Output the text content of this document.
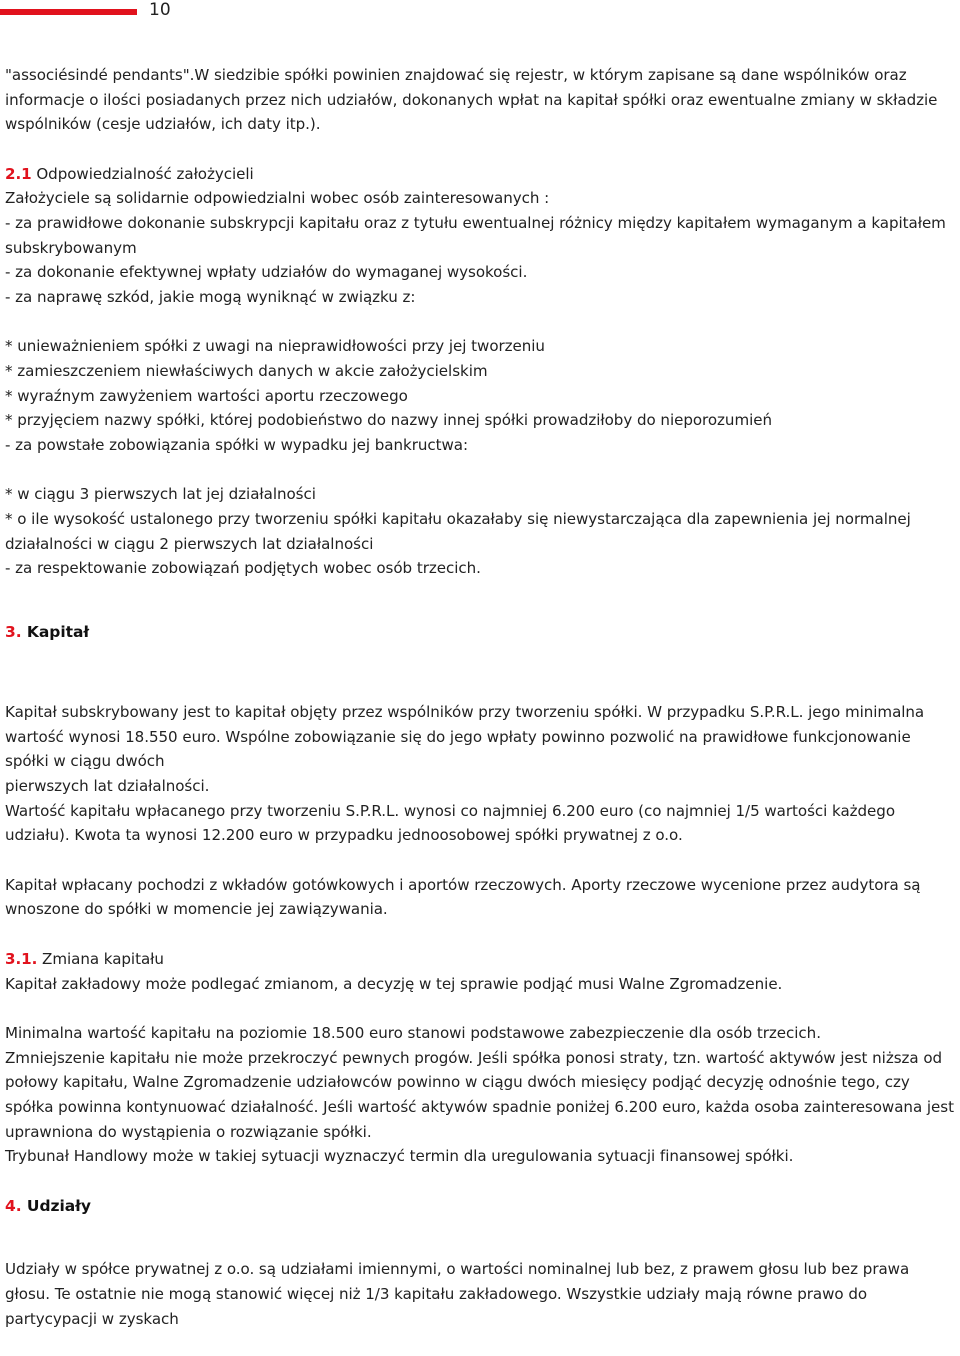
10

"associésindé pendants".W siedzibie spółki powinien znajdować się rejestr, w którym zapisane są dane wspólników oraz informacje o ilości posiadanych przez nich udziałów, dokonanych wpłat na kapitał spółki oraz ewentualne zmiany w składzie wspólników (cesje udziałów, ich daty itp.).

2.1 Odpowiedzialność założycieli

Założyciele są solidarnie odpowiedzialni wobec osób zainteresowanych :

- za prawidłowe dokonanie subskrypcji kapitału oraz z tytułu ewentualnej różnicy między kapitałem wymaganym a kapitałem subskrybowanym

- za dokonanie efektywnej wpłaty udziałów do wymaganej wysokości.

- za naprawę szkód, jakie mogą wyniknąć w związku z:

* unieważnieniem spółki z uwagi na nieprawidłowości przy jej tworzeniu

* zamieszczeniem niewłaściwych danych w akcie założycielskim

* wyraźnym zawyżeniem wartości aportu rzeczowego

* przyjęciem nazwy spółki, której podobieństwo do nazwy innej spółki prowadziłoby do nieporozumień

- za powstałe zobowiązania spółki w wypadku jej bankructwa:

* w ciągu 3 pierwszych lat jej działalności

* o ile wysokość ustalonego przy tworzeniu spółki kapitału okazałaby się niewystarczająca dla zapewnienia jej normalnej działalności w ciągu 2 pierwszych lat działalności

- za respektowanie zobowiązań podjętych wobec osób trzecich.

3. Kapitał

Kapitał subskrybowany jest to kapitał objęty przez wspólników przy tworzeniu spółki. W przypadku S.P.R.L. jego minimalna wartość wynosi 18.550 euro. Wspólne zobowiązanie się do jego wpłaty powinno pozwolić na prawidłowe funkcjonowanie spółki w ciągu dwóch

pierwszych lat działalności.

Wartość kapitału wpłacanego przy tworzeniu S.P.R.L. wynosi co najmniej 6.200 euro (co najmniej 1/5 wartości każdego udziału). Kwota ta wynosi 12.200 euro w przypadku jednoosobowej spółki prywatnej z o.o.

Kapitał wpłacany pochodzi z wkładów gotówkowych i aportów rzeczowych. Aporty rzeczowe wycenione przez audytora są wnoszone do spółki w momencie jej zawiązywania.

3.1. Zmiana kapitału

Kapitał zakładowy może podlegać zmianom, a decyzję w tej sprawie podjąć musi Walne Zgromadzenie.

Minimalna wartość kapitału na poziomie 18.500 euro stanowi podstawowe zabezpieczenie dla osób trzecich.

Zmniejszenie kapitału nie może przekroczyć pewnych progów. Jeśli spółka ponosi straty, tzn. wartość aktywów jest niższa od połowy kapitału, Walne Zgromadzenie udziałowców powinno w ciągu dwóch miesięcy podjąć decyzję odnośnie tego, czy spółka powinna kontynuować działalność. Jeśli wartość aktywów spadnie poniżej 6.200 euro, każda osoba zainteresowana jest uprawniona do wystąpienia o rozwiązanie spółki.

Trybunał Handlowy może w takiej sytuacji wyznaczyć termin dla uregulowania sytuacji finansowej spółki.

4. Udziały

Udziały w spółce prywatnej z o.o. są udziałami imiennymi, o wartości nominalnej lub bez, z prawem głosu lub bez prawa głosu. Te ostatnie nie mogą stanowić więcej niż 1/3 kapitału zakładowego. Wszystkie udziały mają równe prawo do partycypacji w zyskach
